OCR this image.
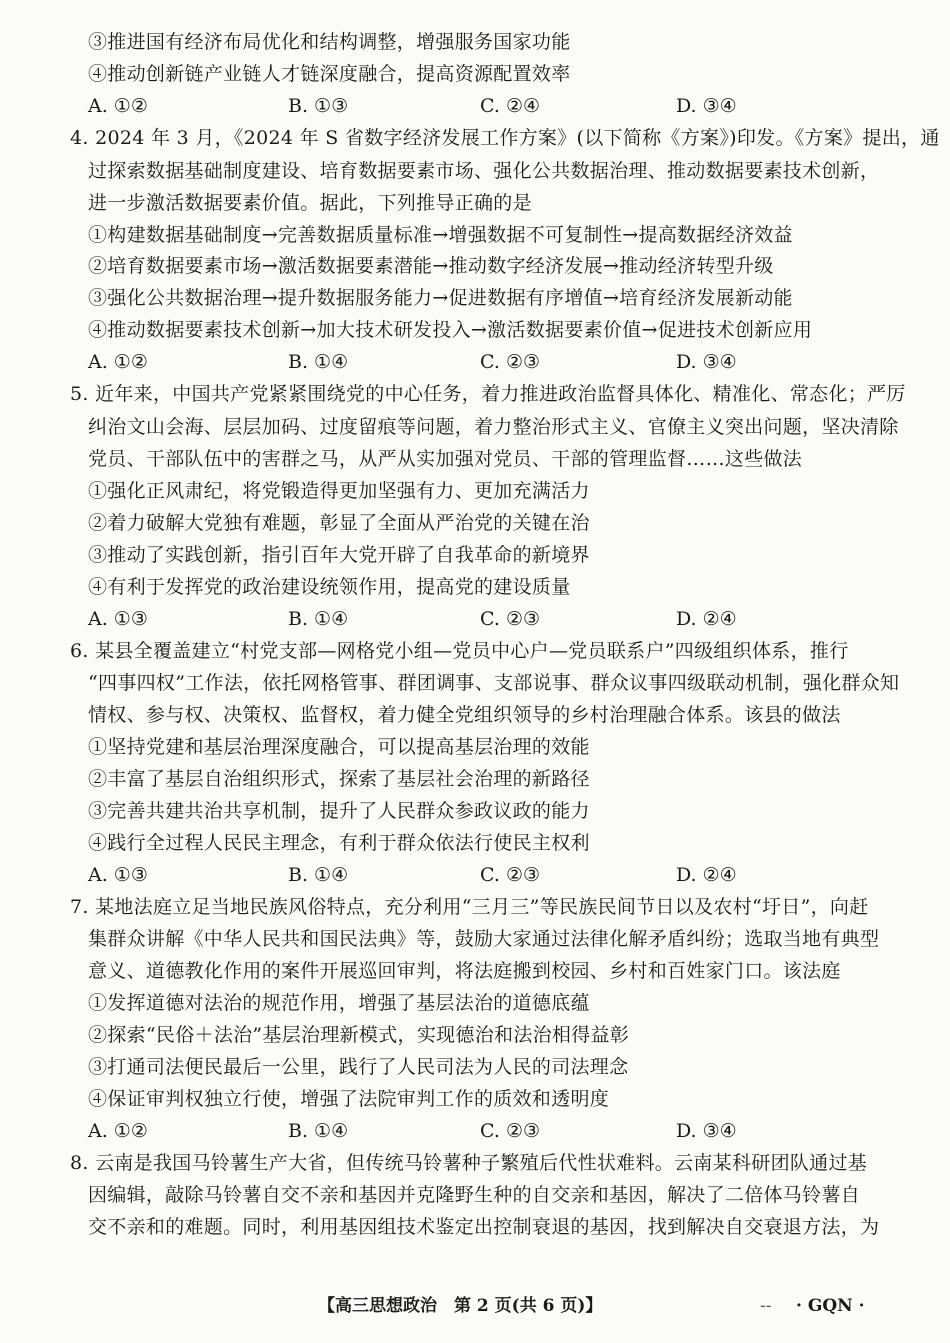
③推进国有经济布局优化和结构调整，增强服务国家功能
④推动创新链产业链人才链深度融合，提高资源配置效率
A. ①②	B. ①③	C. ②④	D. ③④
4. 2024 年 3 月，《2024 年 S 省数字经济发展工作方案》(以下简称《方案》)印发。《方案》提出，通
过探索数据基础制度建设、培育数据要素市场、强化公共数据治理、推动数据要素技术创新，
进一步激活数据要素价值。据此，下列推导正确的是
①构建数据基础制度→完善数据质量标准→增强数据不可复制性→提高数据经济效益
②培育数据要素市场→激活数据要素潜能→推动数字经济发展→推动经济转型升级
③强化公共数据治理→提升数据服务能力→促进数据有序增值→培育经济发展新动能
④推动数据要素技术创新→加大技术研发投入→激活数据要素价值→促进技术创新应用
A. ①②	B. ①④	C. ②③	D. ③④
5. 近年来，中国共产党紧紧围绕党的中心任务，着力推进政治监督具体化、精准化、常态化；严厉
纠治文山会海、层层加码、过度留痕等问题，着力整治形式主义、官僚主义突出问题，坚决清除
党员、干部队伍中的害群之马，从严从实加强对党员、干部的管理监督……这些做法
①强化正风肃纪，将党锻造得更加坚强有力、更加充满活力
②着力破解大党独有难题，彰显了全面从严治党的关键在治
③推动了实践创新，指引百年大党开辟了自我革命的新境界
④有利于发挥党的政治建设统领作用，提高党的建设质量
A. ①③	B. ①④	C. ②③	D. ②④
6. 某县全覆盖建立“村党支部—网格党小组—党员中心户—党员联系户”四级组织体系，推行
“四事四权”工作法，依托网格管事、群团调事、支部说事、群众议事四级联动机制，强化群众知
情权、参与权、决策权、监督权，着力健全党组织领导的乡村治理融合体系。该县的做法
①坚持党建和基层治理深度融合，可以提高基层治理的效能
②丰富了基层自治组织形式，探索了基层社会治理的新路径
③完善共建共治共享机制，提升了人民群众参政议政的能力
④践行全过程人民民主理念，有利于群众依法行使民主权利
A. ①③	B. ①④	C. ②③	D. ②④
7. 某地法庭立足当地民族风俗特点，充分利用“三月三”等民族民间节日以及农村“圩日”，向赶
集群众讲解《中华人民共和国民法典》等，鼓励大家通过法律化解矛盾纠纷；选取当地有典型
意义、道德教化作用的案件开展巡回审判，将法庭搬到校园、乡村和百姓家门口。该法庭
①发挥道德对法治的规范作用，增强了基层法治的道德底蕴
②探索“民俗＋法治”基层治理新模式，实现德治和法治相得益彰
③打通司法便民最后一公里，践行了人民司法为人民的司法理念
④保证审判权独立行使，增强了法院审判工作的质效和透明度
A. ①②	B. ①④	C. ②③	D. ③④
8. 云南是我国马铃薯生产大省，但传统马铃薯种子繁殖后代性状难料。云南某科研团队通过基
因编辑，敲除马铃薯自交不亲和基因并克隆野生种的自交亲和基因，解决了二倍体马铃薯自
交不亲和的难题。同时，利用基因组技术鉴定出控制衰退的基因，找到解决自交衰退方法，为
【高三思想政治　第 2 页(共 6 页)】	-- · GQN ·
